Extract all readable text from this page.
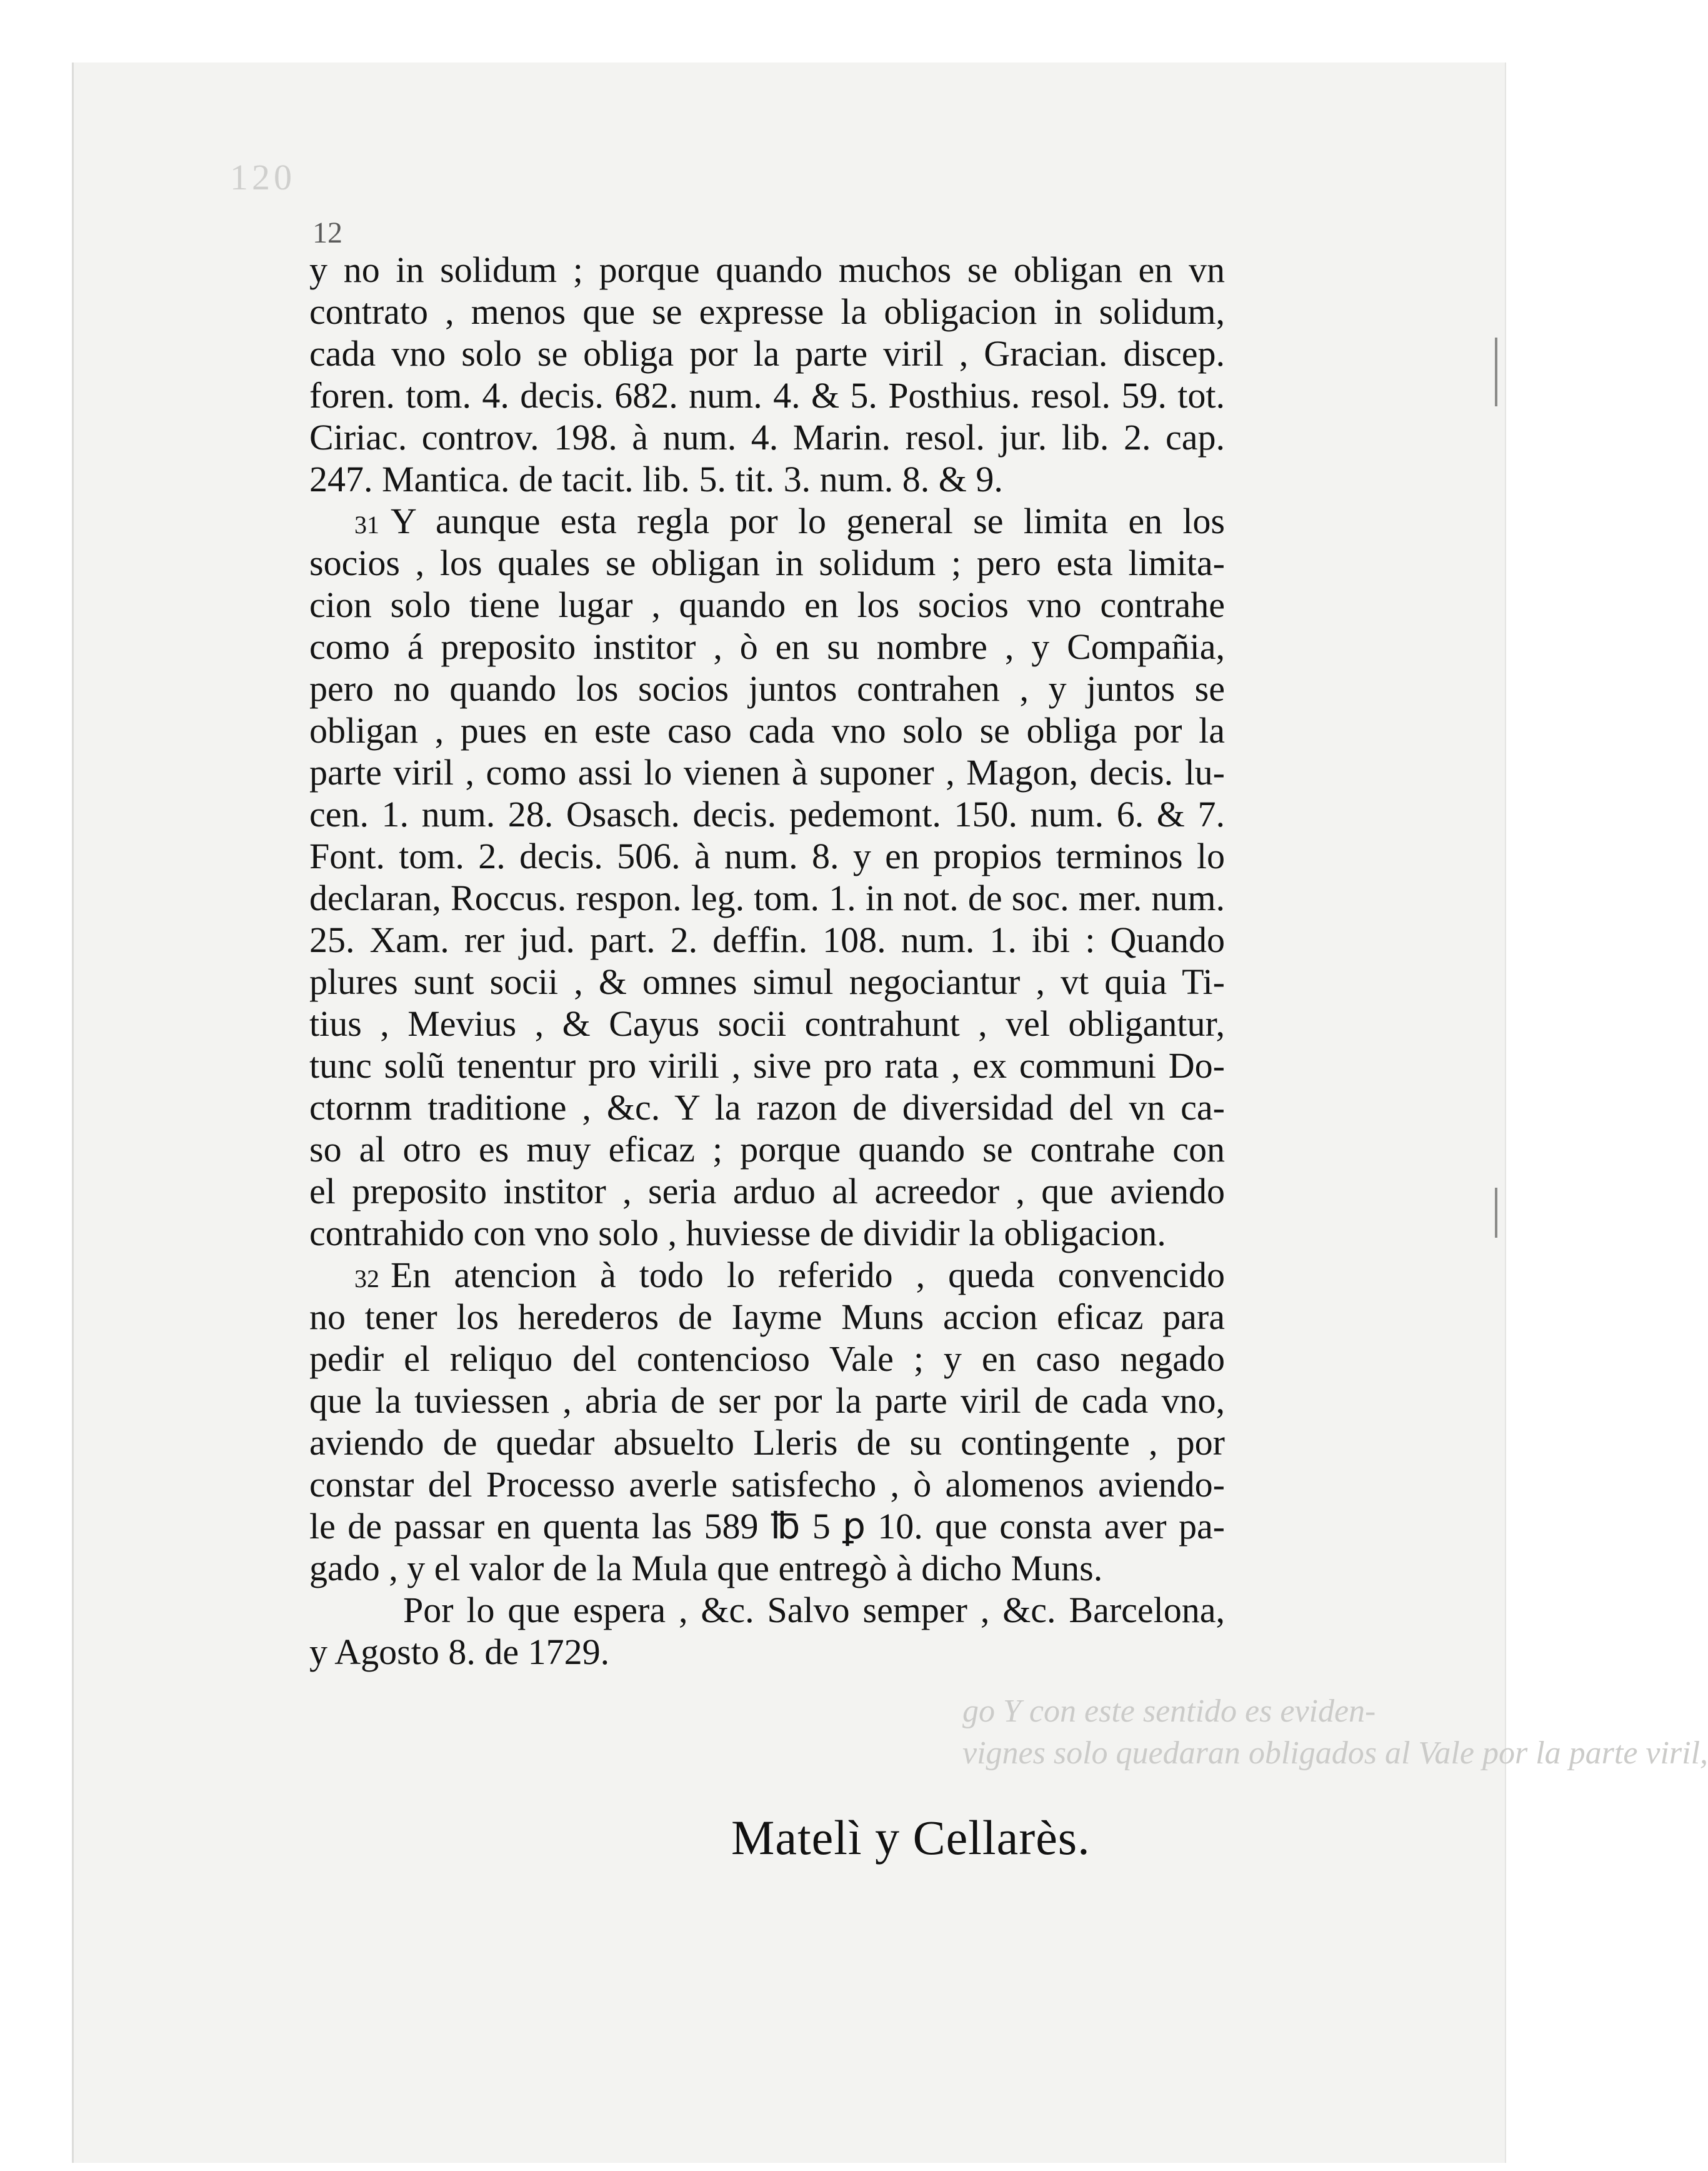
120
12
y no in solidum ; porque quando muchos se obligan en vn
contrato , menos que se expresse la obligacion in solidum,
cada vno solo se obliga por la parte viril , Gracian. discep.
foren. tom. 4. decis. 682. num. 4. & 5. Posthius. resol. 59. tot.
Ciriac. controv. 198. à num. 4. Marin. resol. jur. lib. 2. cap.
247. Mantica. de tacit. lib. 5. tit. 3. num. 8. & 9.
31 Y aunque esta regla por lo general se limita en los
socios , los quales se obligan in solidum ; pero esta limita-
cion solo tiene lugar , quando en los socios vno contrahe
como á preposito institor , ò en su nombre , y Compañia,
pero no quando los socios juntos contrahen , y juntos se
obligan , pues en este caso cada vno solo se obliga por la
parte viril , como assi lo vienen à suponer , Magon, decis. lu-
cen. 1. num. 28. Osasch. decis. pedemont. 150. num. 6. & 7.
Font. tom. 2. decis. 506. à num. 8. y en propios terminos lo
declaran, Roccus. respon. leg. tom. 1. in not. de soc. mer. num.
25. Xam. rer jud. part. 2. deffin. 108. num. 1. ibi : Quando
plures sunt socii , & omnes simul negociantur , vt quia Ti-
tius , Mevius , & Cayus socii contrahunt , vel obligantur,
tunc solũ tenentur pro virili , sive pro rata , ex communi Do-
ctornm traditione , &c. Y la razon de diversidad del vn ca-
so al otro es muy eficaz ; porque quando se contrahe con
el preposito institor , seria arduo al acreedor , que aviendo
contrahido con vno solo , huviesse de dividir la obligacion.
32 En atencion à todo lo referido , queda convencido
no tener los herederos de Iayme Muns accion eficaz para
pedir el reliquo del contencioso Vale ; y en caso negado
que la tuviessen , abria de ser por la parte viril de cada vno,
aviendo de quedar absuelto Lleris de su contingente , por
constar del Processo averle satisfecho , ò alomenos aviendo-
le de passar en quenta las 589 ℔ 5 ꝑ 10. que consta aver pa-
gado , y el valor de la Mula que entregò à dicho Muns.
Por lo que espera , &c. Salvo semper , &c. Barcelona,
y Agosto 8. de 1729.
go Y con este sentido es eviden-
vignes solo quedaran obligados al Vale por la parte viril,
Matelì y Cellarès.
